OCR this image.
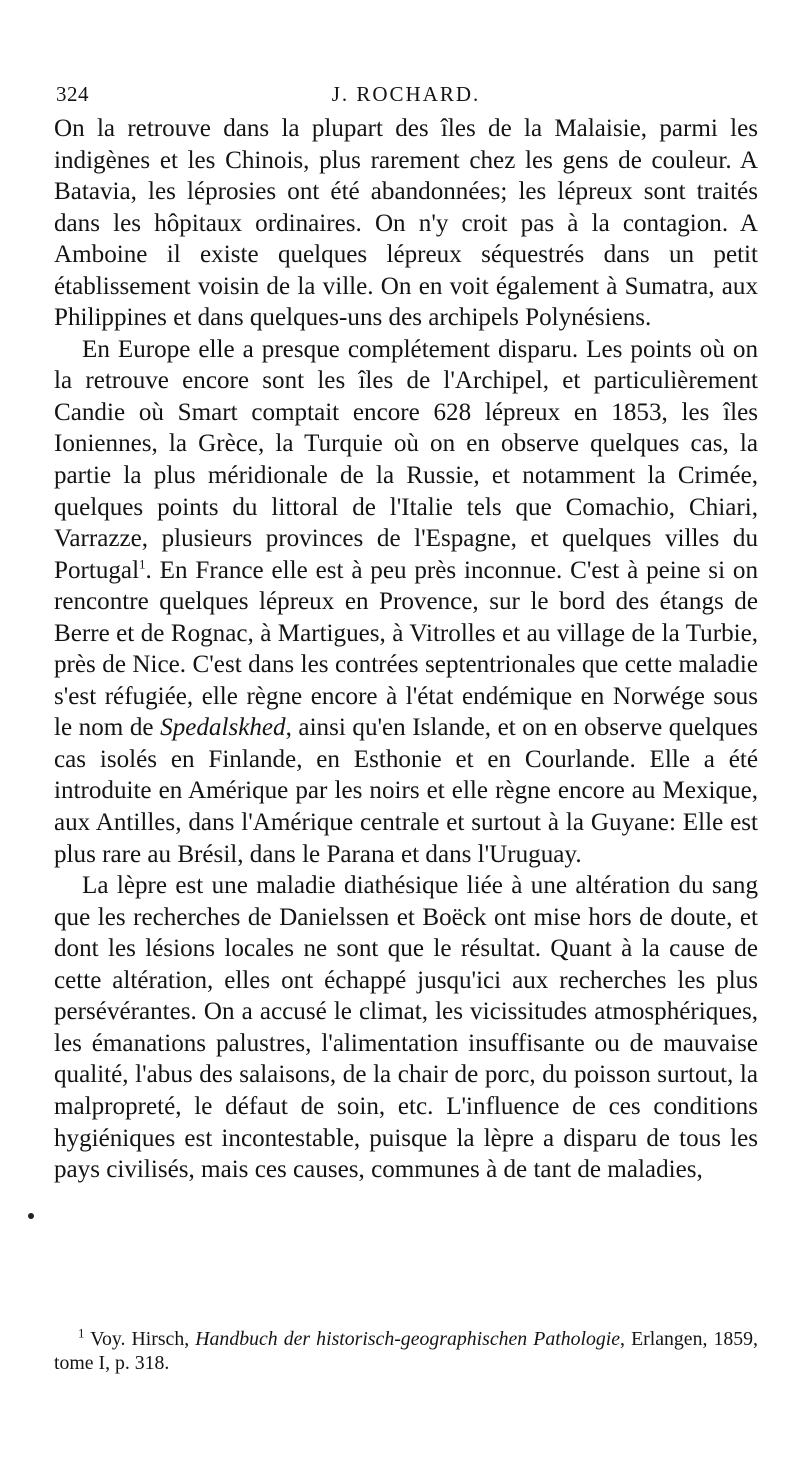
324	J. ROCHARD.

On la retrouve dans la plupart des îles de la Malaisie, parmi les indigènes et les Chinois, plus rarement chez les gens de couleur. A Batavia, les léprosies ont été abandonnées; les lépreux sont traités dans les hôpitaux ordinaires. On n'y croit pas à la contagion. A Amboine il existe quelques lépreux séquestrés dans un petit établissement voisin de la ville. On en voit également à Sumatra, aux Philippines et dans quelques-uns des archipels Polynésiens.

En Europe elle a presque complétement disparu. Les points où on la retrouve encore sont les îles de l'Archipel, et particulièrement Candie où Smart comptait encore 628 lépreux en 1853, les îles Ioniennes, la Grèce, la Turquie où on en observe quelques cas, la partie la plus méridionale de la Russie, et notamment la Crimée, quelques points du littoral de l'Italie tels que Comachio, Chiari, Varrazze, plusieurs provinces de l'Espagne, et quelques villes du Portugal$^1$. En France elle est à peu près inconnue. C'est à peine si on rencontre quelques lépreux en Provence, sur le bord des étangs de Berre et de Rognac, à Martigues, à Vitrolles et au village de la Turbie, près de Nice. C'est dans les contrées septentrionales que cette maladie s'est réfugiée, elle règne encore à l'état endémique en Norwége sous le nom de Spedalskhed, ainsi qu'en Islande, et on en observe quelques cas isolés en Finlande, en Esthonie et en Courlande. Elle a été introduite en Amérique par les noirs et elle règne encore au Mexique, aux Antilles, dans l'Amérique centrale et surtout à la Guyane: Elle est plus rare au Brésil, dans le Parana et dans l'Uruguay.

La lèpre est une maladie diathésique liée à une altération du sang que les recherches de Danielssen et Boëck ont mise hors de doute, et dont les lésions locales ne sont que le résultat. Quant à la cause de cette altération, elles ont échappé jusqu'ici aux recherches les plus persévérantes. On a accusé le climat, les vicissitudes atmosphériques, les émanations palustres, l'alimentation insuffisante ou de mauvaise qualité, l'abus des salaisons, de la chair de porc, du poisson surtout, la malpropreté, le défaut de soin, etc. L'influence de ces conditions hygiéniques est incontestable, puisque la lèpre a disparu de tous les pays civilisés, mais ces causes, communes à de tant de maladies,

$^1$ Voy. Hirsch, Handbuch der historisch-geographischen Pathologie, Erlangen, 1859, tome I, p. 318.
